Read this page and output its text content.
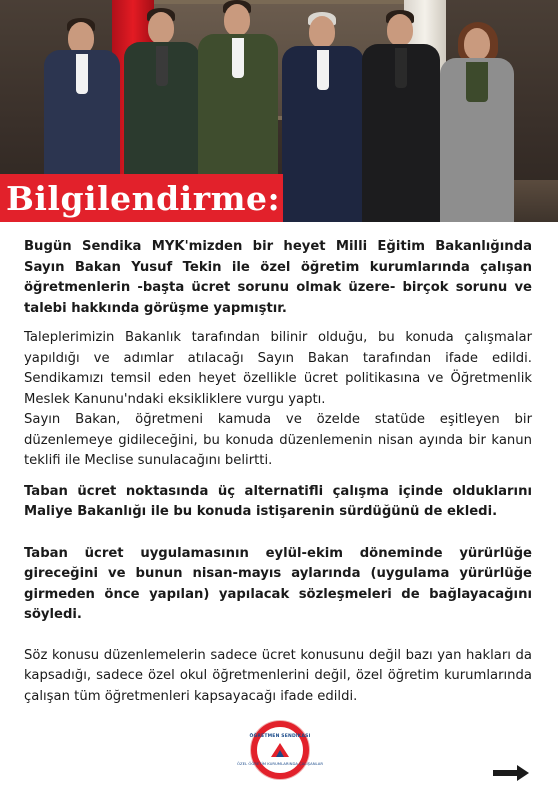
Bilgilendirme:

Bugün Sendika MYK'mizden bir heyet Milli Eğitim Bakanlığında Sayın Bakan Yusuf Tekin ile özel öğretim kurumlarında çalışan öğretmenlerin -başta ücret sorunu olmak üzere- birçok sorunu ve talebi hakkında görüşme yapmıştır.

Taleplerimizin Bakanlık tarafından bilinir olduğu, bu konuda çalışmalar yapıldığı ve adımlar atılacağı Sayın Bakan tarafından ifade edildi. Sendikamızı temsil eden heyet özellikle ücret politikasına ve Öğretmenlik Meslek Kanunu'ndaki eksikliklere vurgu yaptı.

Sayın Bakan, öğretmeni kamuda ve özelde statüde eşitleyen bir düzenlemeye gidileceğini, bu konuda düzenlemenin nisan ayında bir kanun teklifi ile Meclise sunulacağını belirtti.

Taban ücret noktasında üç alternatifli çalışma içinde olduklarını Maliye Bakanlığı ile bu konuda istişarenin sürdüğünü de ekledi.

Taban ücret uygulamasının eylül-ekim döneminde yürürlüğe gireceğini ve bunun nisan-mayıs aylarında (uygulama yürürlüğe girmeden önce yapılan) yapılacak sözleşmeleri de bağlayacağını söyledi.

Söz konusu düzenlemelerin sadece ücret konusunu değil bazı yan hakları da kapsadığı, sadece özel okul öğretmenlerini değil, özel öğretim kurumlarında çalışan tüm öğretmenleri kapsayacağı ifade edildi.

ÖĞRETMEN SENDİKASI
ÖZEL ÖĞRETİM KURUMLARINDA ÇALIŞANLAR
